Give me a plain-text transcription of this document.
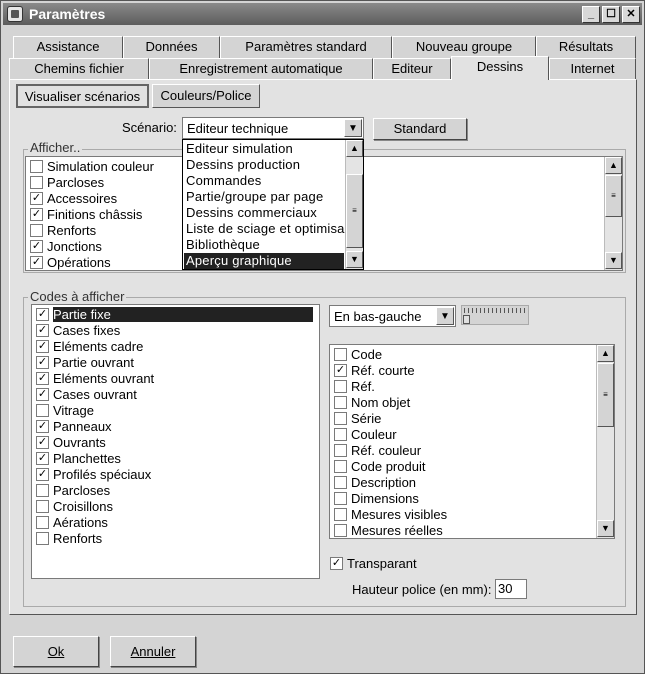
Paramètres	_	☐ ✕
Assistance	Données	Paramètres standard	Nouveau groupe	Résultats
Chemins fichier	Enregistrement automatique	Editeur	Dessins	Internet
Visualiser scénarios	Couleurs/Police
Scénario: Editeur technique	▼	Standard
Afficher..
Simulation couleur
Parcloses
✓ Accessoires
✓ Finitions châssis
Renforts
✓ Jonctions
✓ Opérations
▲
≡
▼
Editeur simulation
Dessins production
Commandes
Partie/groupe par page
Dessins commerciaux
Liste de sciage et optimisa
Bibliothèque
Aperçu graphique
▲
≡
▼
Codes à afficher
✓ Partie fixe
✓ Cases fixes
✓ Eléments cadre
✓ Partie ouvrant
✓ Eléments ouvrant
✓ Cases ouvrant
Vitrage
✓ Panneaux
✓ Ouvrants
✓ Planchettes
✓ Profilés spéciaux
Parcloses
Croisillons
Aérations
Renforts
En bas-gauche	▼
Code
✓ Réf. courte
Réf.
Nom objet
Série
Couleur
Réf. couleur
Code produit
Description
Dimensions
Mesures visibles
Mesures réelles
▲
≡
▼
✓ Transparant
Hauteur police (en mm): 30
Ok	Annuler
